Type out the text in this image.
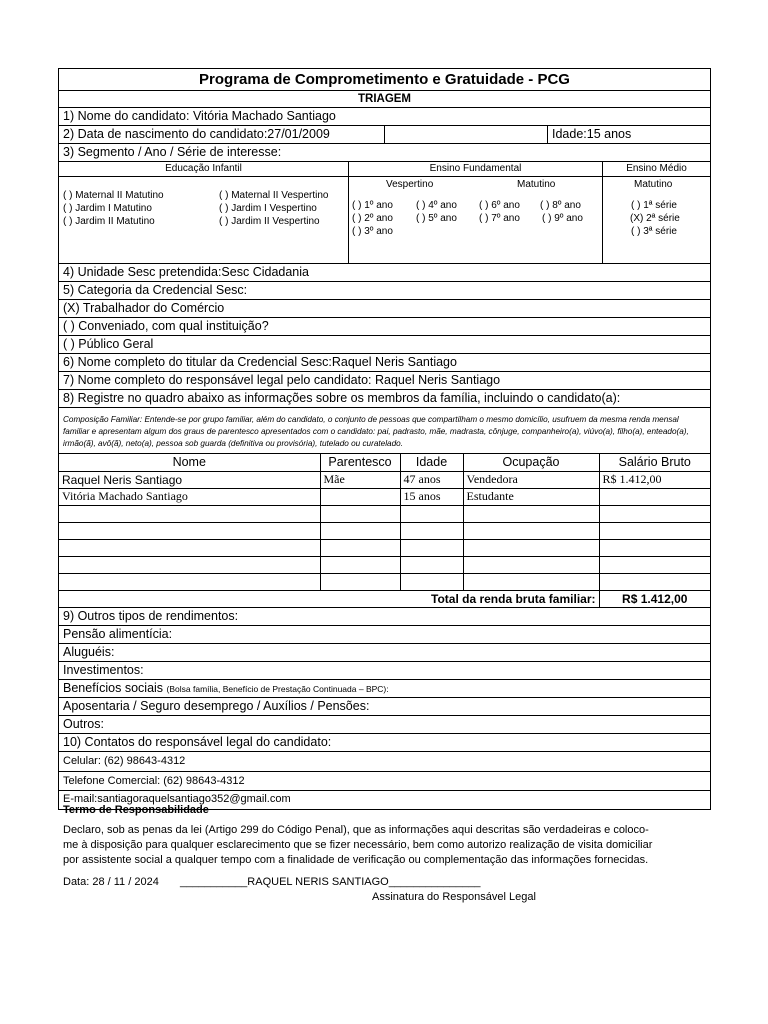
Programa de Comprometimento e Gratuidade - PCG
TRIAGEM
1) Nome do candidato: Vitória Machado Santiago
2) Data de nascimento do candidato:27/01/2009	Idade:15 anos
3) Segmento / Ano / Série de interesse:
Educação Infantil
( ) Maternal II Matutino
( ) Jardim I Matutino
( ) Jardim II Matutino
( ) Maternal II Vespertino
( ) Jardim I Vespertino
( ) Jardim II Vespertino
Ensino Fundamental
Vespertino	Matutino
( ) 1º ano
( ) 2º ano
( ) 3º ano
( ) 4º ano
( ) 5º ano
( ) 6º ano
( ) 7º ano
( ) 8º ano
( ) 9º ano
Ensino Médio
Matutino
( ) 1ª série
(X) 2ª série
( ) 3ª série
4) Unidade Sesc pretendida:Sesc Cidadania
5) Categoria da Credencial Sesc:
(X) Trabalhador do Comércio
( ) Conveniado, com qual instituição?
( ) Público Geral
6) Nome completo do titular da Credencial Sesc:Raquel Neris Santiago
7) Nome completo do responsável legal pelo candidato: Raquel Neris Santiago
8) Registre no quadro abaixo as informações sobre os membros da família, incluindo o candidato(a):
Composição Familiar: Entende-se por grupo familiar, além do candidato, o conjunto de pessoas que compartilham o mesmo domicílio, usufruem da mesma renda mensal familiar e apresentam algum dos graus de parentesco apresentados com o candidato: pai, padrasto, mãe, madrasta, cônjuge, companheiro(a), viúvo(a), filho(a), enteado(a), irmão(ã), avô(ã), neto(a), pessoa sob guarda (definitiva ou provisória), tutelado ou curatelado.
Nome	Parentesco	Idade	Ocupação	Salário Bruto
Raquel Neris Santiago	Mãe	47 anos	Vendedora	R$ 1.412,00
Vitória Machado Santiago		15 anos	Estudante	

Total da renda bruta familiar:				R$ 1.412,00
9) Outros tipos de rendimentos:
Pensão alimentícia:
Aluguéis:
Investimentos:
Benefícios sociais (Bolsa família, Benefício de Prestação Continuada – BPC):
Aposentaria / Seguro desemprego / Auxílios / Pensões:
Outros:
10) Contatos do responsável legal do candidato:
Celular: (62) 98643-4312
Telefone Comercial: (62) 98643-4312
E-mail:santiagoraquelsantiago352@gmail.com
Termo de Responsabilidade
Declaro, sob as penas da lei (Artigo 299 do Código Penal), que as informações aqui descritas são verdadeiras e coloco-
me à disposição para qualquer esclarecimento que se fizer necessário, bem como autorizo realização de visita domiciliar
por assistente social a qualquer tempo com a finalidade de verificação ou complementação das informações fornecidas.
Data: 28 / 11 / 2024 ___________RAQUEL NERIS SANTIAGO_______________
Assinatura do Responsável Legal
